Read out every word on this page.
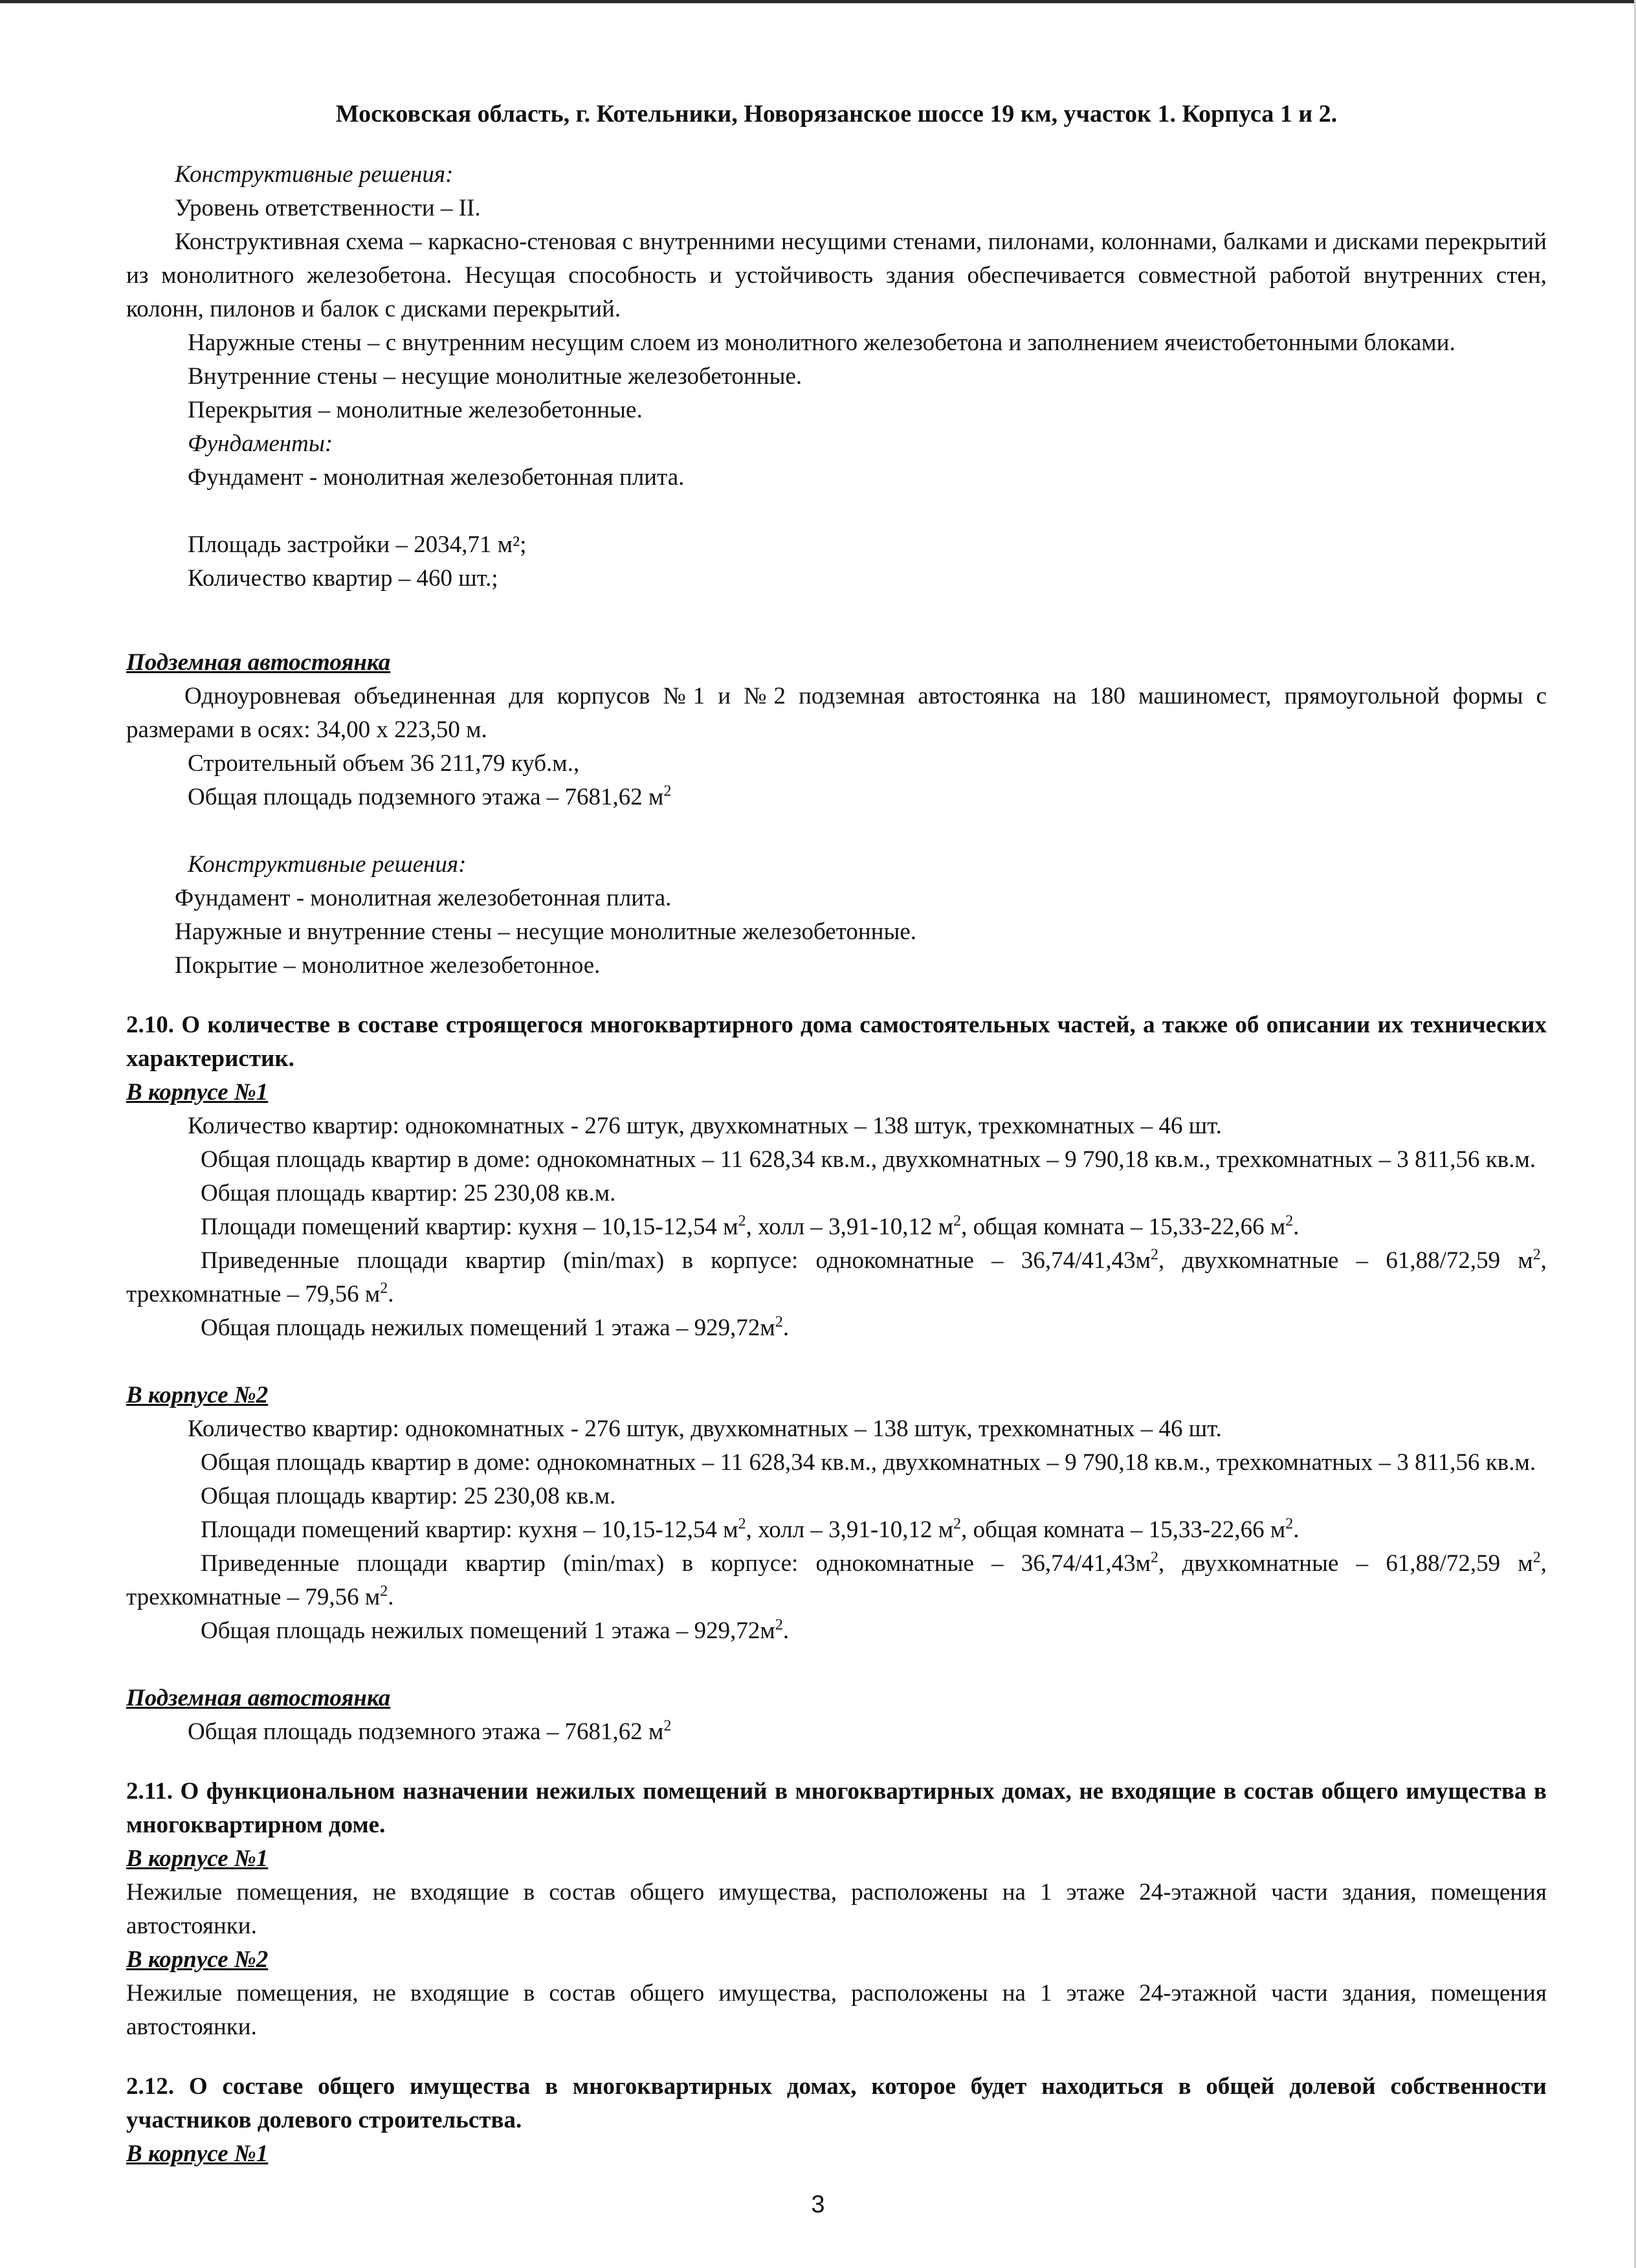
Московская область, г. Котельники, Новорязанское шоссе 19 км, участок 1. Корпуса 1 и 2.

Конструктивные решения:

Уровень ответственности – II.

Конструктивная схема – каркасно-стеновая с внутренними несущими стенами, пилонами, колоннами, балками и дисками перекрытий из монолитного железобетона. Несущая способность и устойчивость здания обеспечивается совместной работой внутренних стен, колонн, пилонов и балок с дисками перекрытий.

Наружные стены – с внутренним несущим слоем из монолитного железобетона и заполнением ячеистобетонными блоками.

Внутренние стены – несущие монолитные железобетонные.

Перекрытия – монолитные железобетонные.

Фундаменты:

Фундамент - монолитная железобетонная плита.

Площадь застройки – 2034,71 м²;

Количество квартир – 460 шт.;

Подземная автостоянка

Одноуровневая объединенная для корпусов №1 и №2 подземная автостоянка на 180 машиномест, прямоугольной формы с размерами в осях: 34,00 х 223,50 м.

Строительный объем 36 211,79 куб.м.,

Общая площадь подземного этажа – 7681,62 $м^2$

Конструктивные решения:

Фундамент - монолитная железобетонная плита.

Наружные и внутренние стены – несущие монолитные железобетонные.

Покрытие – монолитное железобетонное.

2.10. О количестве в составе строящегося многоквартирного дома самостоятельных частей, а также об описании их технических характеристик.

В корпусе №1

Количество квартир: однокомнатных - 276 штук, двухкомнатных – 138 штук, трехкомнатных – 46 шт.

Общая площадь квартир в доме: однокомнатных – 11 628,34 кв.м., двухкомнатных – 9 790,18 кв.м., трехкомнатных – 3 811,56 кв.м.

Общая площадь квартир: 25 230,08 кв.м.

Площади помещений квартир: кухня – 10,15-12,54 $м^2$, холл – 3,91-10,12 $м^2$, общая комната – 15,33-22,66 $м^2$.

Приведенные площади квартир (min/max) в корпусе: однокомнатные – $36,74/41,43м^2$, двухкомнатные – 61,88/72,59 $м^2$, трехкомнатные – 79,56 $м^2$.

Общая площадь нежилых помещений 1 этажа – $929,72м^2$.

В корпусе №2

Количество квартир: однокомнатных - 276 штук, двухкомнатных – 138 штук, трехкомнатных – 46 шт.

Общая площадь квартир в доме: однокомнатных – 11 628,34 кв.м., двухкомнатных – 9 790,18 кв.м., трехкомнатных – 3 811,56 кв.м.

Общая площадь квартир: 25 230,08 кв.м.

Площади помещений квартир: кухня – 10,15-12,54 $м^2$, холл – 3,91-10,12 $м^2$, общая комната – 15,33-22,66 $м^2$.

Приведенные площади квартир (min/max) в корпусе: однокомнатные – $36,74/41,43м^2$, двухкомнатные – 61,88/72,59 $м^2$, трехкомнатные – 79,56 $м^2$.

Общая площадь нежилых помещений 1 этажа – $929,72м^2$.

Подземная автостоянка

Общая площадь подземного этажа – 7681,62 $м^2$

2.11. О функциональном назначении нежилых помещений в многоквартирных домах, не входящие в состав общего имущества в многоквартирном доме.

В корпусе №1

Нежилые помещения, не входящие в состав общего имущества, расположены на 1 этаже 24-этажной части здания, помещения автостоянки.

В корпусе №2

Нежилые помещения, не входящие в состав общего имущества, расположены на 1 этаже 24-этажной части здания, помещения автостоянки.

2.12. О составе общего имущества в многоквартирных домах, которое будет находиться в общей долевой собственности участников долевого строительства.

В корпусе №1

3
